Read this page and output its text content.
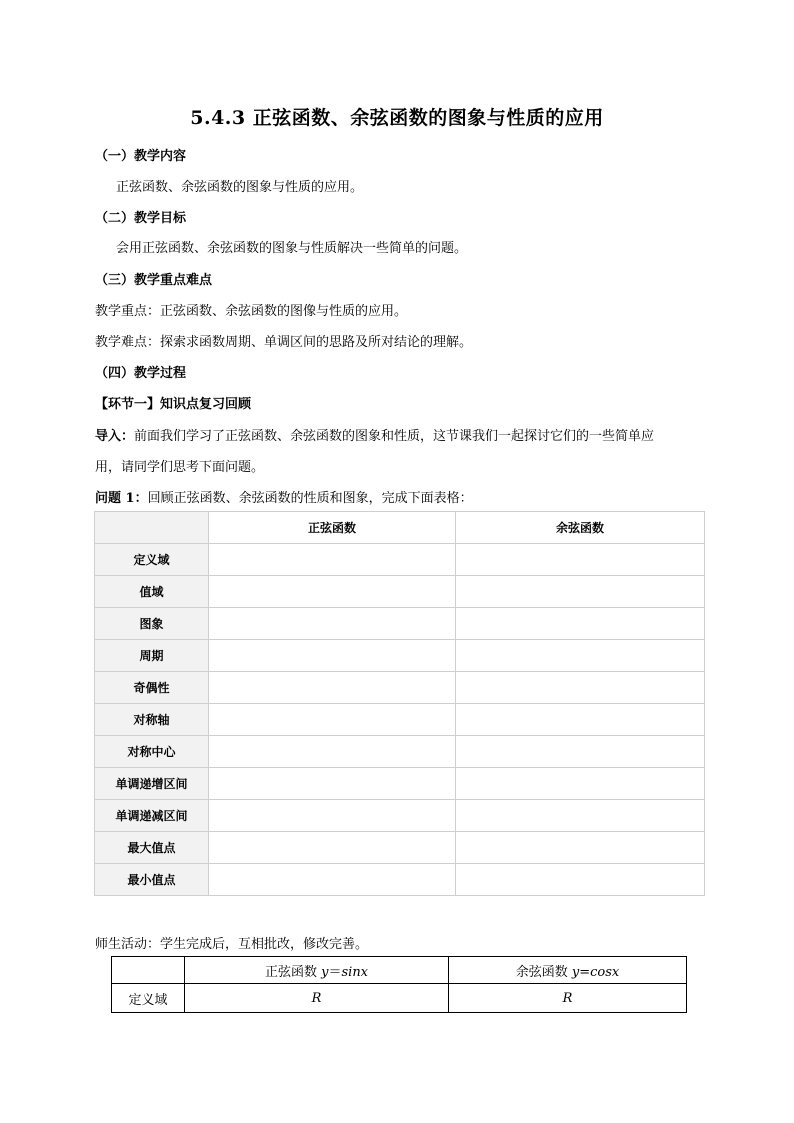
5.4.3 正弦函数、余弦函数的图象与性质的应用
（一）教学内容
正弦函数、余弦函数的图象与性质的应用。
（二）教学目标
会用正弦函数、余弦函数的图象与性质解决一些简单的问题。
（三）教学重点难点
教学重点：正弦函数、余弦函数的图像与性质的应用。
教学难点：探索求函数周期、单调区间的思路及所对结论的理解。
（四）教学过程
【环节一】知识点复习回顾
导入：前面我们学习了正弦函数、余弦函数的图象和性质，这节课我们一起探讨它们的一些简单应
用，请同学们思考下面问题。
问题 1：回顾正弦函数、余弦函数的性质和图象，完成下面表格：
	正弦函数	余弦函数
定义域		
值域		
图象		
周期		
奇偶性		
对称轴		
对称中心		
单调递增区间		
单调递减区间		
最大值点		
最小值点		
师生活动：学生完成后，互相批改，修改完善。
	正弦函数 y＝sinx	余弦函数 y=cosx
定义域	R	R
